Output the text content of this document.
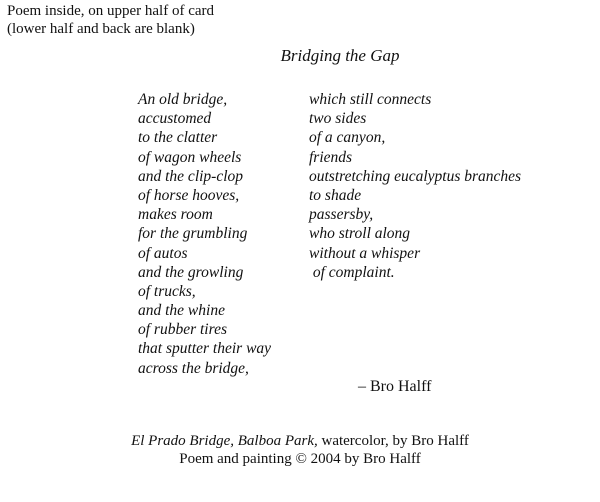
Poem inside, on upper half of card
(lower half and back are blank)
Bridging the Gap
An old bridge,
accustomed
to the clatter
of wagon wheels
and the clip-clop
of horse hooves,
makes room
for the grumbling
of autos
and the growling
of trucks,
and the whine
of rubber tires
that sputter their way
across the bridge,
which still connects
two sides
of a canyon,
friends
outstretching eucalyptus branches
to shade
passersby,
who stroll along
without a whisper
of complaint.
– Bro Halff
El Prado Bridge, Balboa Park, watercolor, by Bro Halff
Poem and painting © 2004 by Bro Halff
